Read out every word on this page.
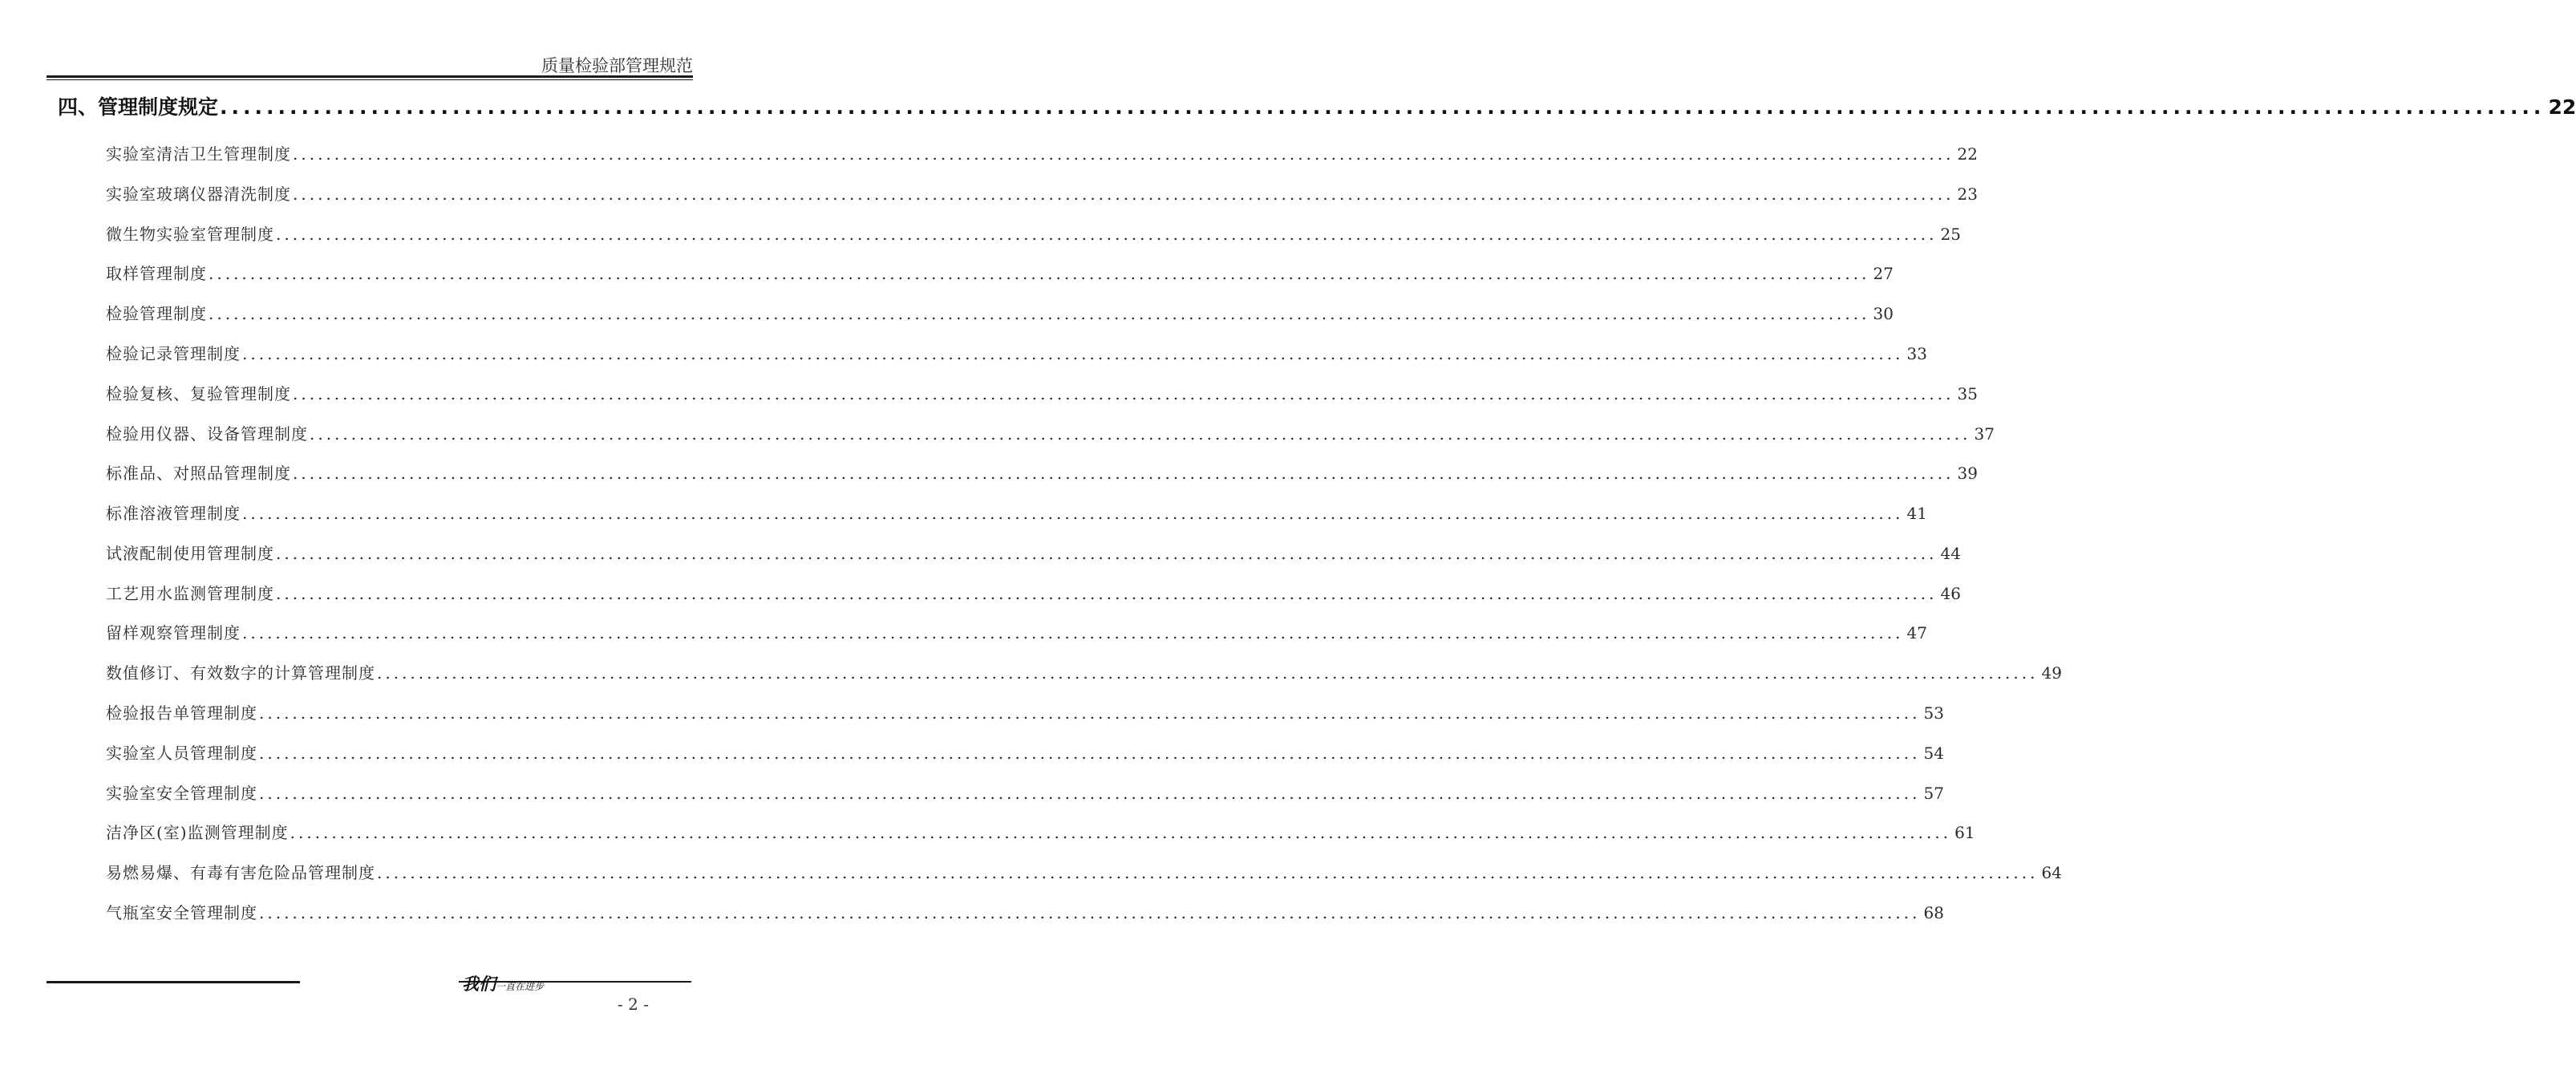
质量检验部管理规范
四、管理制度规定 ........................................................................................................................................................................................................ 22
实验室清洁卫生管理制度 ........................................................................................................................................................................................................ 22
实验室玻璃仪器清洗制度 ........................................................................................................................................................................................................ 23
微生物实验室管理制度 ........................................................................................................................................................................................................ 25
取样管理制度 ........................................................................................................................................................................................................ 27
检验管理制度 ........................................................................................................................................................................................................ 30
检验记录管理制度 ........................................................................................................................................................................................................ 33
检验复核、复验管理制度 ........................................................................................................................................................................................................ 35
检验用仪器、设备管理制度 ........................................................................................................................................................................................................ 37
标准品、对照品管理制度 ........................................................................................................................................................................................................ 39
标准溶液管理制度 ........................................................................................................................................................................................................ 41
试液配制使用管理制度 ........................................................................................................................................................................................................ 44
工艺用水监测管理制度 ........................................................................................................................................................................................................ 46
留样观察管理制度 ........................................................................................................................................................................................................ 47
数值修订、有效数字的计算管理制度 ........................................................................................................................................................................................................ 49
检验报告单管理制度 ........................................................................................................................................................................................................ 53
实验室人员管理制度 ........................................................................................................................................................................................................ 54
实验室安全管理制度 ........................................................................................................................................................................................................ 57
洁净区(室)监测管理制度 ........................................................................................................................................................................................................ 61
易燃易爆、有毒有害危险品管理制度 ........................................................................................................................................................................................................ 64
气瓶室安全管理制度 ........................................................................................................................................................................................................ 68
我们一直在进步
- 2 -
